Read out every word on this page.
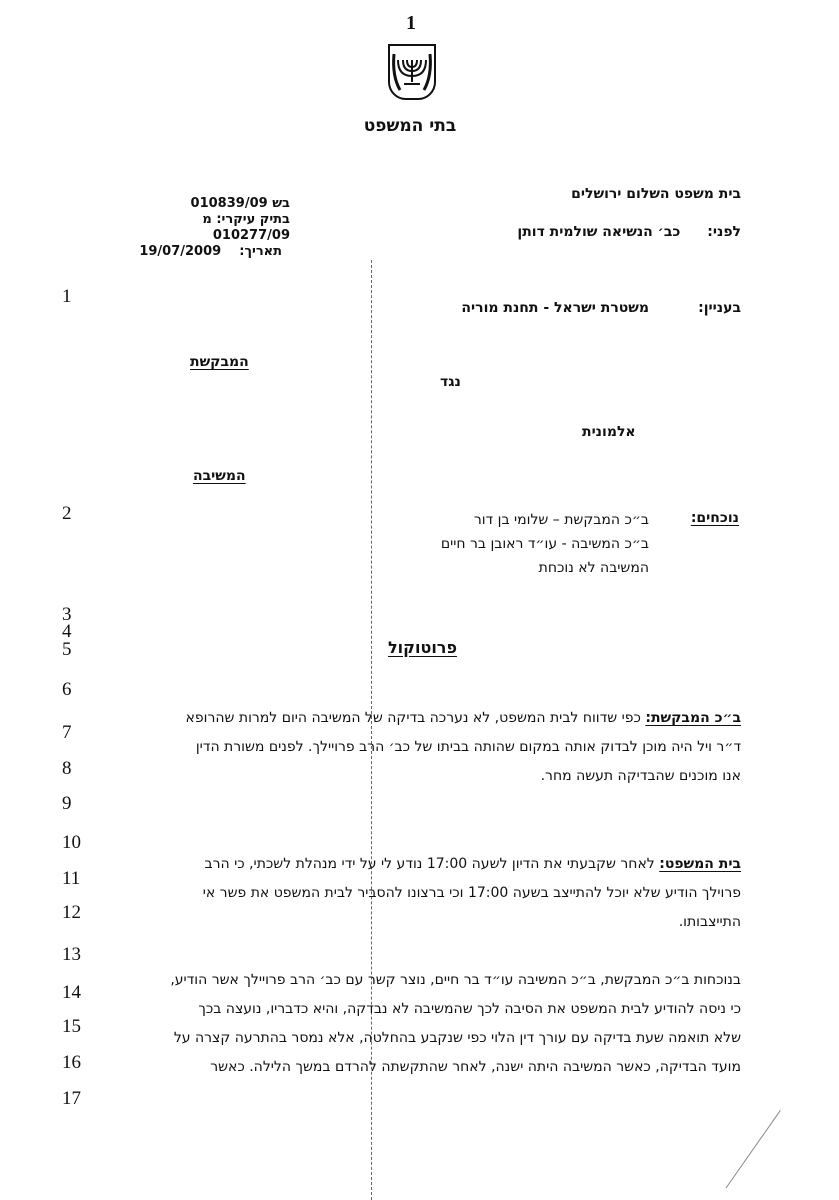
1
בתי המשפט
בית משפט השלום ירושלים
לפני:  כב׳ הנשיאה שולמית דותן
בש 010839/09
בתיק עיקרי: מ  010277/09
תאריך:    19/07/2009
בעניין:
משטרת ישראל - תחנת מוריה
המבקשת
נגד
אלמונית
המשיבה
נוכחים:
ב״כ המבקשת – שלומי בן דור
ב״כ המשיבה - עו״ד ראובן בר חיים
המשיבה לא נוכחת
פרוטוקול
ב״כ המבקשת: כפי שדווח לבית המשפט, לא נערכה בדיקה של המשיבה היום למרות שהרופא
ד״ר ויל היה מוכן לבדוק אותה במקום שהותה בביתו של כב׳ הרב פרויילך. לפנים משורת הדין
אנו מוכנים שהבדיקה תעשה מחר.
בית המשפט: לאחר שקבעתי את הדיון לשעה 17:00 נודע לי על ידי מנהלת לשכתי, כי הרב
פרוילך הודיע שלא יוכל להתייצב בשעה 17:00 וכי ברצונו להסביר לבית המשפט את פשר אי
התייצבותו.
בנוכחות ב״כ המבקשת, ב״כ המשיבה עו״ד בר חיים, נוצר קשר עם כב׳ הרב פרויילך אשר הודיע,
כי ניסה להודיע לבית המשפט את הסיבה לכך שהמשיבה לא נבדקה, והיא כדבריו, נועצה בכך
שלא תואמה שעת בדיקה עם עורך דין הלוי כפי שנקבע בהחלטה, אלא נמסר בהתרעה קצרה על
מועד הבדיקה, כאשר המשיבה היתה ישנה, לאחר שהתקשתה להרדם במשך הלילה. כאשר
1
2
3
4
5
6
7
8
9
10
11
12
13
14
15
16
17
